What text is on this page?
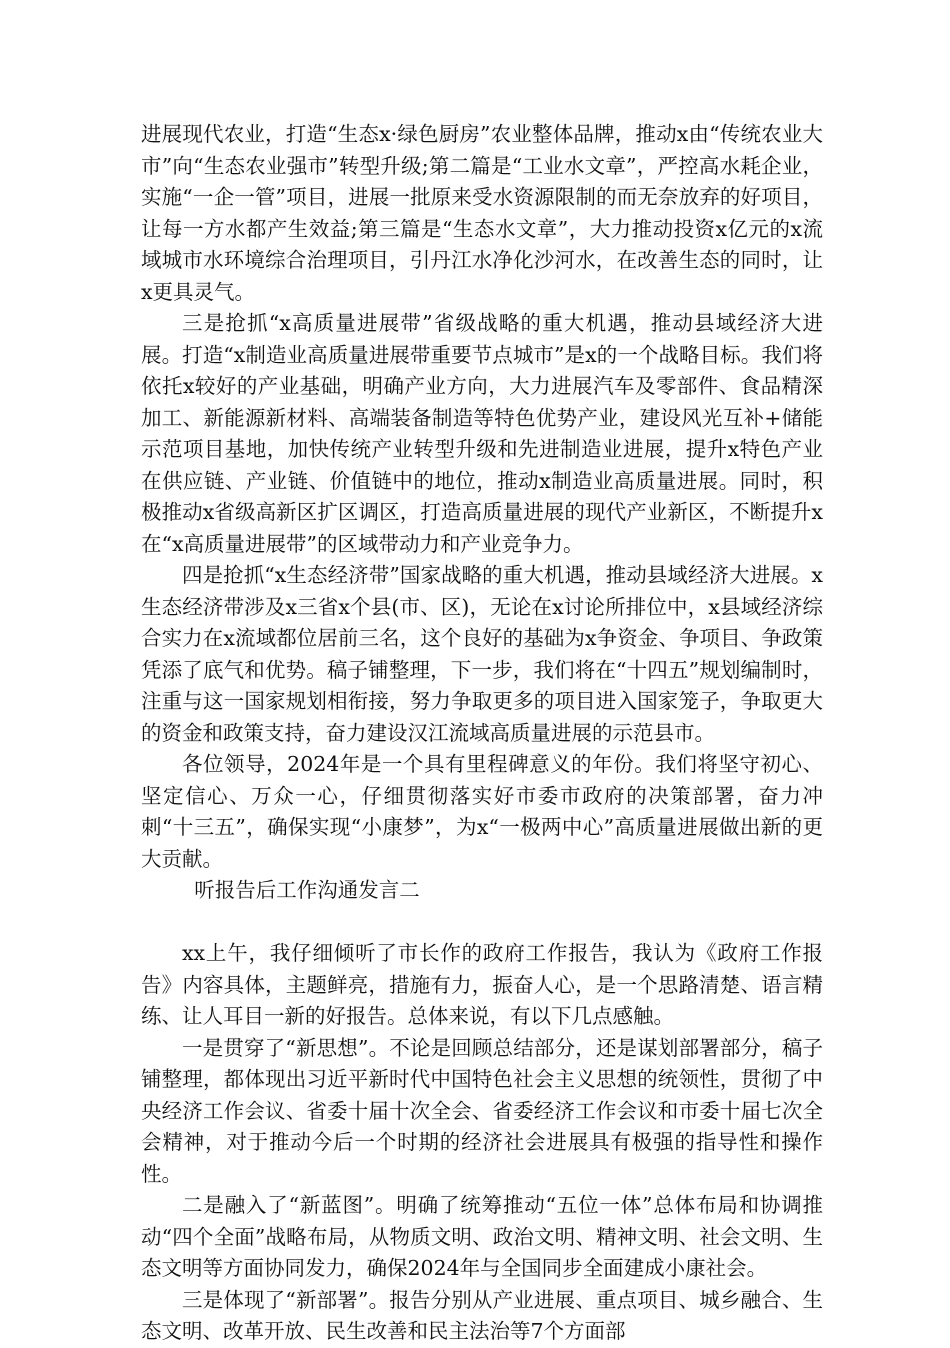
进展现代农业，打造“生态x·绿色厨房”农业整体品牌，推动x由“传统农业大市”向“生态农业强市”转型升级;第二篇是“工业水文章”，严控高水耗企业，实施“一企一管”项目，进展一批原来受水资源限制的而无奈放弃的好项目，让每一方水都产生效益;第三篇是“生态水文章”，大力推动投资x亿元的x流域城市水环境综合治理项目，引丹江水净化沙河水，在改善生态的同时，让x更具灵气。

三是抢抓“x高质量进展带”省级战略的重大机遇，推动县域经济大进展。打造“x制造业高质量进展带重要节点城市”是x的一个战略目标。我们将依托x较好的产业基础，明确产业方向，大力进展汽车及零部件、食品精深加工、新能源新材料、高端装备制造等特色优势产业，建设风光互补+储能示范项目基地，加快传统产业转型升级和先进制造业进展，提升x特色产业在供应链、产业链、价值链中的地位，推动x制造业高质量进展。同时，积极推动x省级高新区扩区调区，打造高质量进展的现代产业新区，不断提升x在“x高质量进展带”的区域带动力和产业竞争力。

四是抢抓“x生态经济带”国家战略的重大机遇，推动县域经济大进展。x生态经济带涉及x三省x个县(市、区)，无论在x讨论所排位中，x县域经济综合实力在x流域都位居前三名，这个良好的基础为x争资金、争项目、争政策凭添了底气和优势。稿子铺整理，下一步，我们将在“十四五”规划编制时，注重与这一国家规划相衔接，努力争取更多的项目进入国家笼子，争取更大的资金和政策支持，奋力建设汉江流域高质量进展的示范县市。

各位领导，2024年是一个具有里程碑意义的年份。我们将坚守初心、坚定信心、万众一心，仔细贯彻落实好市委市政府的决策部署，奋力冲刺“十三五”，确保实现“小康梦”，为x“一极两中心”高质量进展做出新的更大贡献。

听报告后工作沟通发言二

xx上午，我仔细倾听了市长作的政府工作报告，我认为《政府工作报告》内容具体，主题鲜亮，措施有力，振奋人心，是一个思路清楚、语言精练、让人耳目一新的好报告。总体来说，有以下几点感触。

一是贯穿了“新思想”。不论是回顾总结部分，还是谋划部署部分，稿子铺整理，都体现出习近平新时代中国特色社会主义思想的统领性，贯彻了中央经济工作会议、省委十届十次全会、省委经济工作会议和市委十届七次全会精神，对于推动今后一个时期的经济社会进展具有极强的指导性和操作性。

二是融入了“新蓝图”。明确了统筹推动“五位一体”总体布局和协调推动“四个全面”战略布局，从物质文明、政治文明、精神文明、社会文明、生态文明等方面协同发力，确保2024年与全国同步全面建成小康社会。

三是体现了“新部署”。报告分别从产业进展、重点项目、城乡融合、生态文明、改革开放、民生改善和民主法治等7个方面部
